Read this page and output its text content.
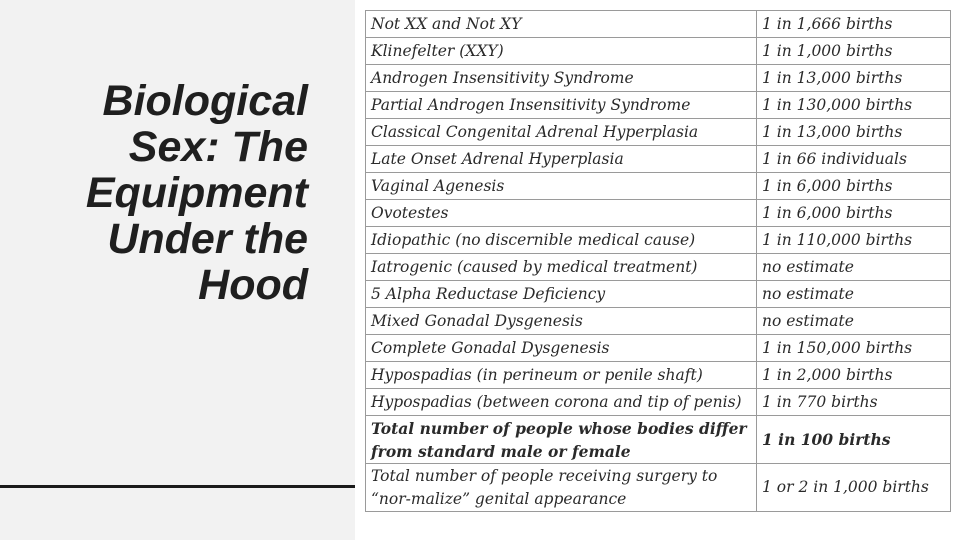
Biological
Sex: The
Equipment
Under the
Hood
Not XX and Not XY	1 in 1,666 births
Klinefelter (XXY)	1 in 1,000 births
Androgen Insensitivity Syndrome	1 in 13,000 births
Partial Androgen Insensitivity Syndrome	1 in 130,000 births
Classical Congenital Adrenal Hyperplasia	1 in 13,000 births
Late Onset Adrenal Hyperplasia	1 in 66 individuals
Vaginal Agenesis	1 in 6,000 births
Ovotestes	1 in 6,000 births
Idiopathic (no discernible medical cause)	1 in 110,000 births
Iatrogenic (caused by medical treatment)	no estimate
5 Alpha Reductase Deficiency	no estimate
Mixed Gonadal Dysgenesis	no estimate
Complete Gonadal Dysgenesis	1 in 150,000 births
Hypospadias (in perineum or penile shaft)	1 in 2,000 births
Hypospadias (between corona and tip of penis)	1 in 770 births
Total number of people whose bodies differ from standard male or female	1 in 100 births
Total number of people receiving surgery to “nor-malize” genital appearance	1 or 2 in 1,000 births
